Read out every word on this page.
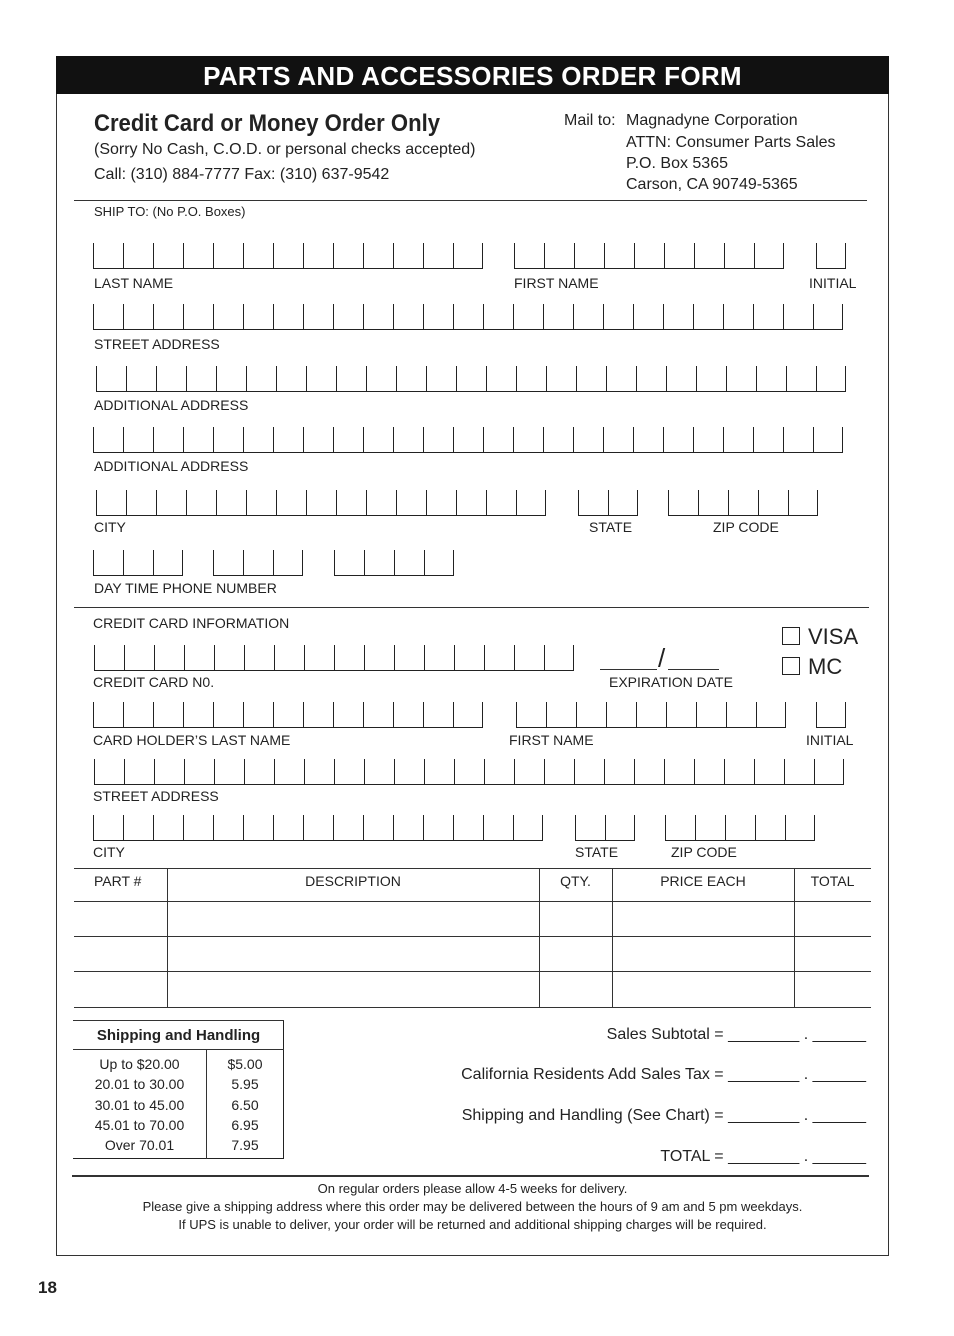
PARTS AND ACCESSORIES ORDER FORM
Credit Card or Money Order Only
(Sorry No Cash, C.O.D. or personal checks accepted)
Call: (310) 884-7777 Fax: (310) 637-9542
Mail to: Magnadyne Corporation
ATTN: Consumer Parts Sales
P.O. Box 5365
Carson, CA 90749-5365
SHIP TO: (No P.O. Boxes)
LAST NAME	FIRST NAME	INITIAL
STREET ADDRESS
ADDITIONAL ADDRESS
ADDITIONAL ADDRESS
CITY	STATE	ZIP CODE
DAY TIME PHONE NUMBER
CREDIT CARD INFORMATION
/
CREDIT CARD N0.	EXPIRATION DATE
VISA
MC
CARD HOLDER’S LAST NAME	FIRST NAME	INITIAL
STREET ADDRESS
CITY	STATE	ZIP CODE
PART #	DESCRIPTION	QTY.	PRICE EACH	TOTAL
Shipping and Handling
Up to $20.00	$5.00
20.01 to 30.00	5.95
30.01 to 45.00	6.50
45.01 to 70.00	6.95
Over 70.01	7.95
Sales Subtotal = ________ . ______
California Residents Add Sales Tax = ________ . ______
Shipping and Handling (See Chart) = ________ . ______
TOTAL = ________ . ______
On regular orders please allow 4-5 weeks for delivery.
Please give a shipping address where this order may be delivered between the hours of 9 am and 5 pm weekdays.
If UPS is unable to deliver, your order will be returned and additional shipping charges will be required.
18
